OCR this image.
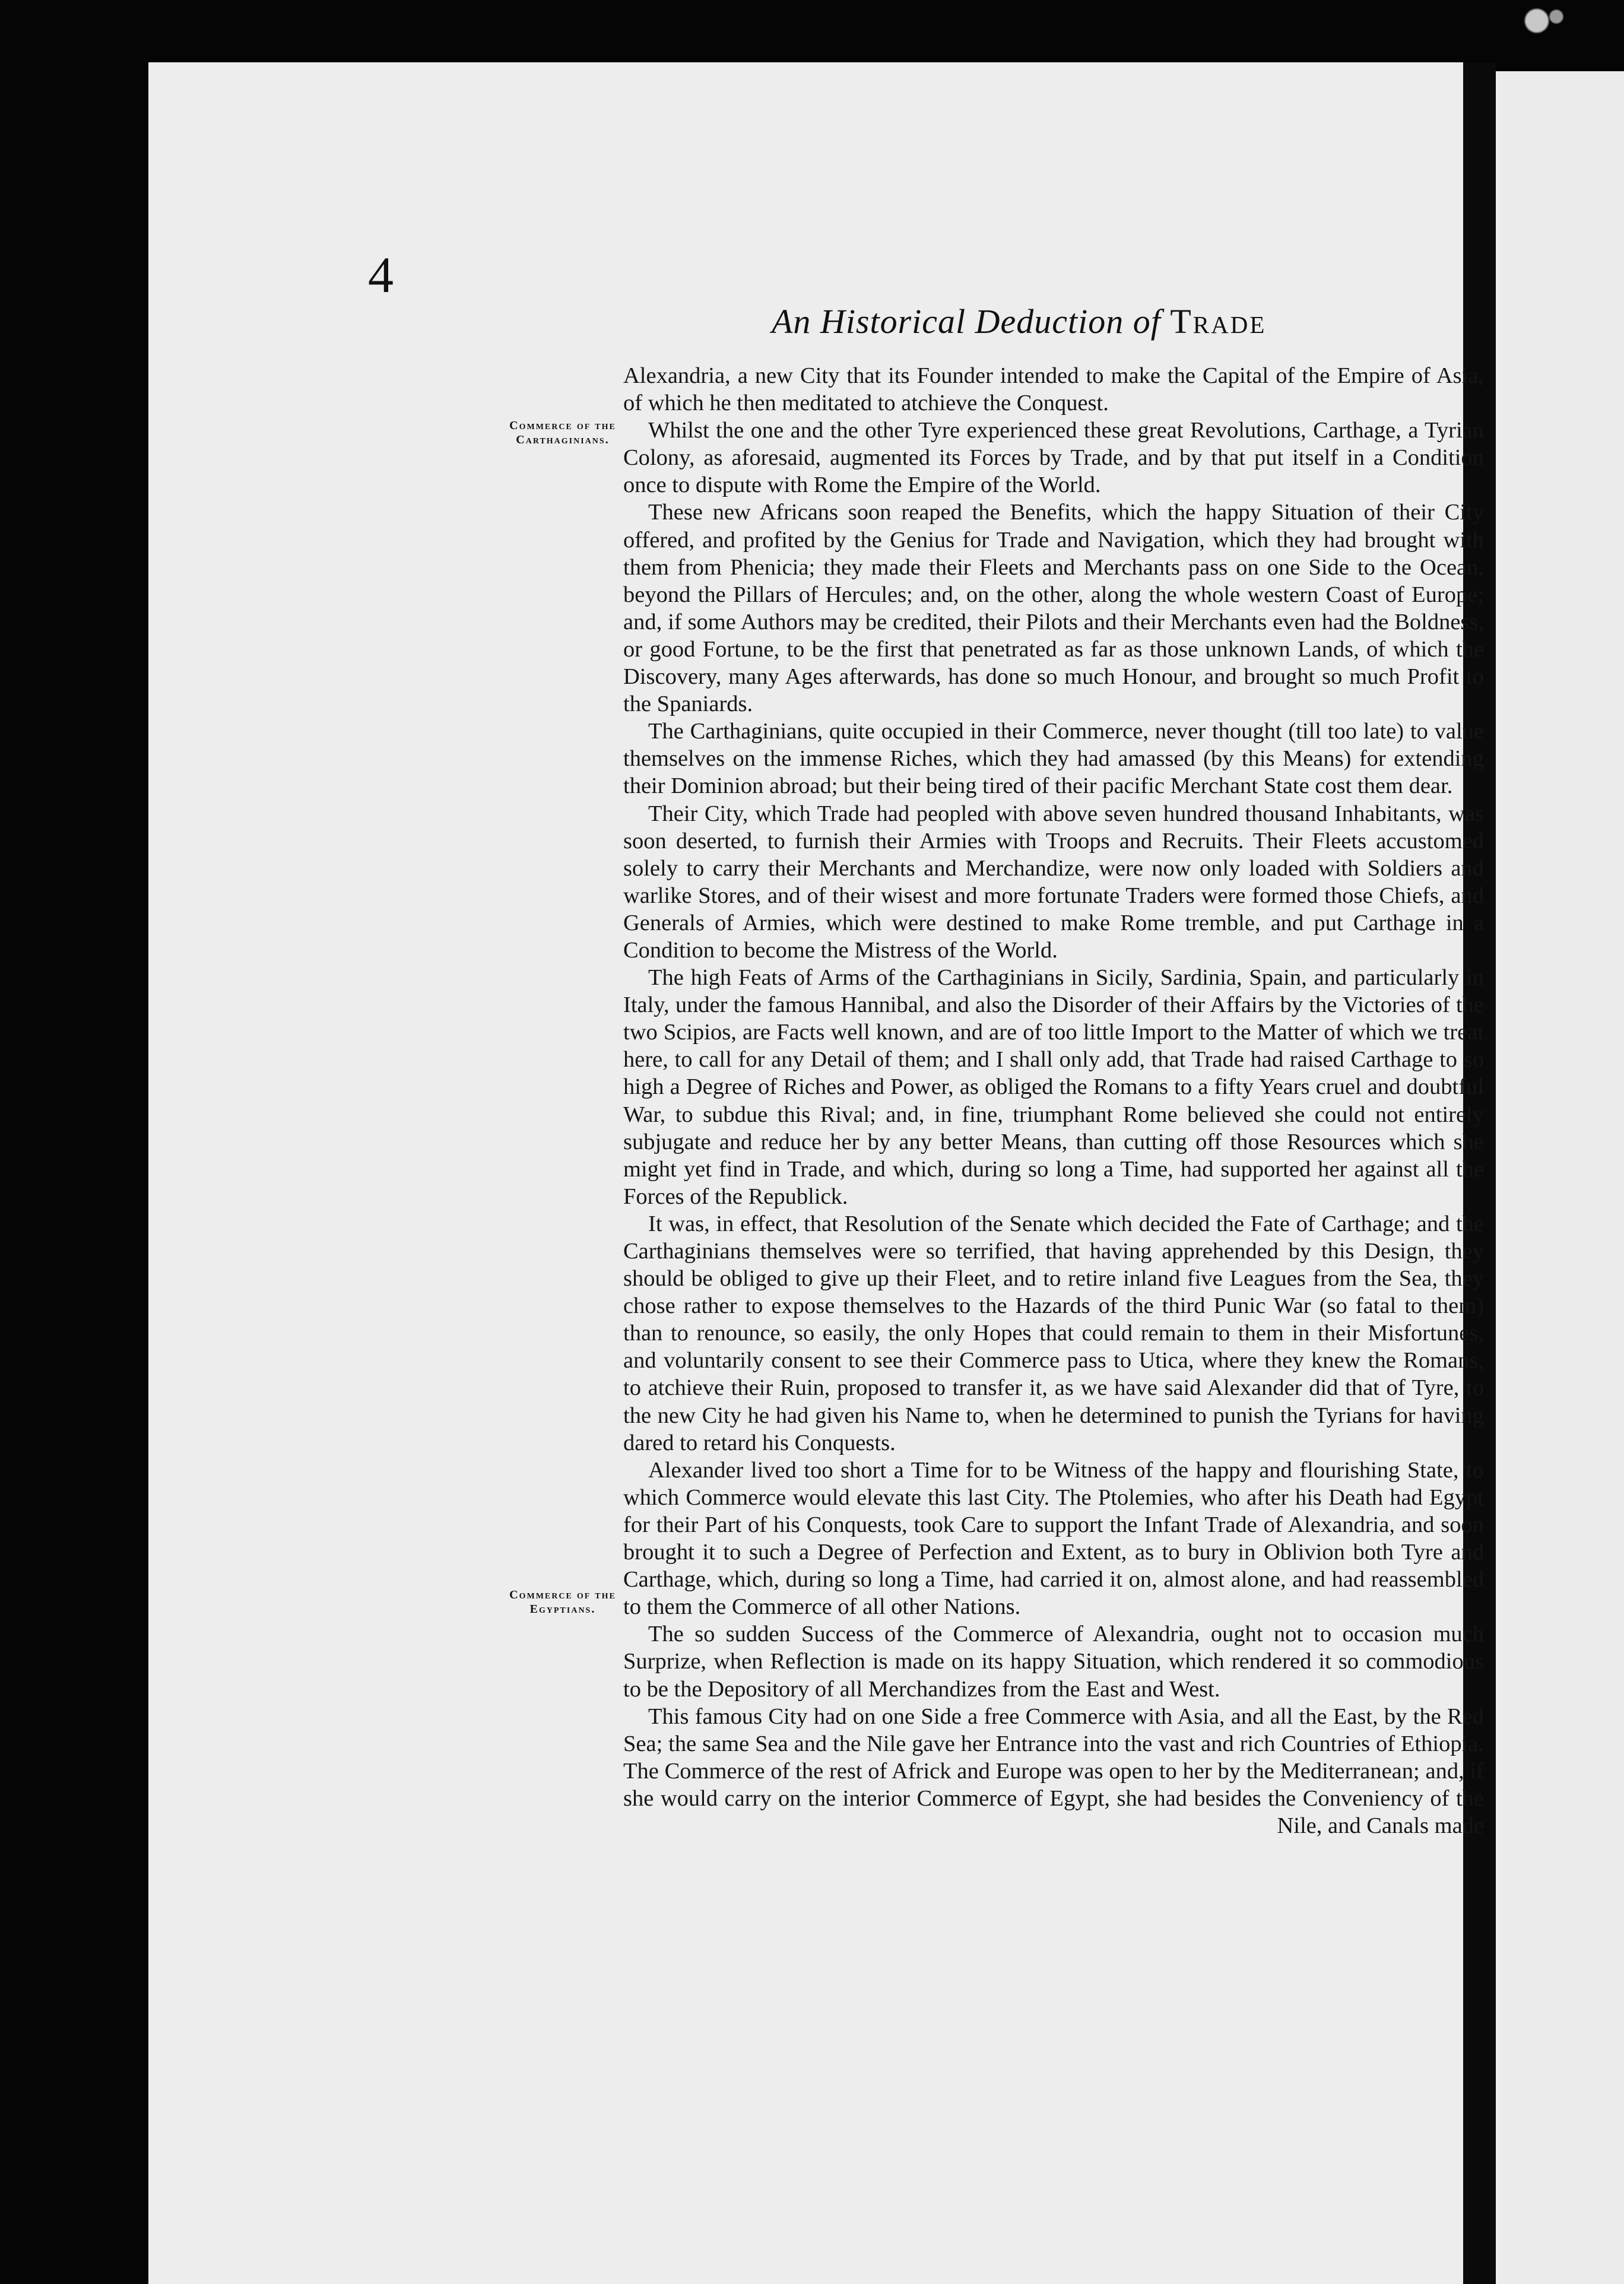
4
An Historical Deduction of Trade
Commerce of the Carthaginians.
Commerce of the Egyptians.

Alexandria, a new City that its Founder intended to make the Capital of the Empire of Asia, of which he then meditated to atchieve the Conquest.

Whilst the one and the other Tyre experienced these great Revolutions, Carthage, a Tyrian Colony, as aforesaid, augmented its Forces by Trade, and by that put itself in a Condition once to dispute with Rome the Empire of the World.

These new Africans soon reaped the Benefits, which the happy Situation of their City offered, and profited by the Genius for Trade and Navigation, which they had brought with them from Phenicia; they made their Fleets and Merchants pass on one Side to the Ocean, beyond the Pillars of Hercules; and, on the other, along the whole western Coast of Europe; and, if some Authors may be credited, their Pilots and their Merchants even had the Boldness, or good Fortune, to be the first that penetrated as far as those unknown Lands, of which the Discovery, many Ages afterwards, has done so much Honour, and brought so much Profit to the Spaniards.

The Carthaginians, quite occupied in their Commerce, never thought (till too late) to value themselves on the immense Riches, which they had amassed (by this Means) for extending their Dominion abroad; but their being tired of their pacific Merchant State cost them dear.

Their City, which Trade had peopled with above seven hundred thousand Inhabitants, was soon deserted, to furnish their Armies with Troops and Recruits. Their Fleets accustomed solely to carry their Merchants and Merchandize, were now only loaded with Soldiers and warlike Stores, and of their wisest and more fortunate Traders were formed those Chiefs, and Generals of Armies, which were destined to make Rome tremble, and put Carthage in a Condition to become the Mistress of the World.

The high Feats of Arms of the Carthaginians in Sicily, Sardinia, Spain, and particularly in Italy, under the famous Hannibal, and also the Disorder of their Affairs by the Victories of the two Scipios, are Facts well known, and are of too little Import to the Matter of which we treat here, to call for any Detail of them; and I shall only add, that Trade had raised Carthage to so high a Degree of Riches and Power, as obliged the Romans to a fifty Years cruel and doubtful War, to subdue this Rival; and, in fine, triumphant Rome believed she could not entirely subjugate and reduce her by any better Means, than cutting off those Resources which she might yet find in Trade, and which, during so long a Time, had supported her against all the Forces of the Republick.

It was, in effect, that Resolution of the Senate which decided the Fate of Carthage; and the Carthaginians themselves were so terrified, that having apprehended by this Design, they should be obliged to give up their Fleet, and to retire inland five Leagues from the Sea, they chose rather to expose themselves to the Hazards of the third Punic War (so fatal to them) than to renounce, so easily, the only Hopes that could remain to them in their Misfortunes, and voluntarily consent to see their Commerce pass to Utica, where they knew the Romans, to atchieve their Ruin, proposed to transfer it, as we have said Alexander did that of Tyre, to the new City he had given his Name to, when he determined to punish the Tyrians for having dared to retard his Conquests.

Alexander lived too short a Time for to be Witness of the happy and flourishing State, to which Commerce would elevate this last City. The Ptolemies, who after his Death had Egypt for their Part of his Conquests, took Care to support the Infant Trade of Alexandria, and soon brought it to such a Degree of Perfection and Extent, as to bury in Oblivion both Tyre and Carthage, which, during so long a Time, had carried it on, almost alone, and had reassembled to them the Commerce of all other Nations.

The so sudden Success of the Commerce of Alexandria, ought not to occasion much Surprize, when Reflection is made on its happy Situation, which rendered it so commodious to be the Depository of all Merchandizes from the East and West.

This famous City had on one Side a free Commerce with Asia, and all the East, by the Red Sea; the same Sea and the Nile gave her Entrance into the vast and rich Countries of Ethiopia. The Commerce of the rest of Africk and Europe was open to her by the Mediterranean; and, if she would carry on the interior Commerce of Egypt, she had besides the Conveniency of the Nile, and Canals made
